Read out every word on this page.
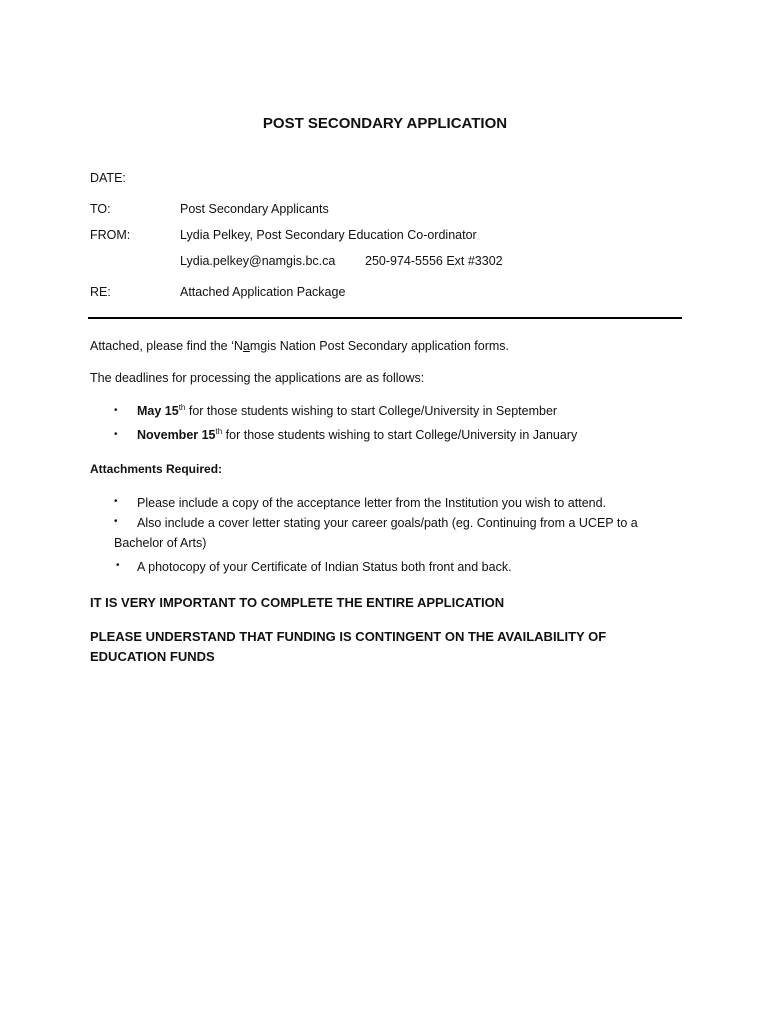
POST SECONDARY APPLICATION
DATE:
TO:	Post Secondary Applicants
FROM:	Lydia Pelkey, Post Secondary Education Co-ordinator
Lydia.pelkey@namgis.bc.ca 250-974-5556 Ext #3302
RE:	Attached Application Package
Attached, please find the ‘Namgis Nation Post Secondary application forms.
The deadlines for processing the applications are as follows:
• May 15th for those students wishing to start College/University in September
• November 15th for those students wishing to start College/University in January
Attachments Required:
• Please include a copy of the acceptance letter from the Institution you wish to attend.
• Also include a cover letter stating your career goals/path (eg. Continuing from a UCEP to a
Bachelor of Arts)
• A photocopy of your Certificate of Indian Status both front and back.
IT IS VERY IMPORTANT TO COMPLETE THE ENTIRE APPLICATION
PLEASE UNDERSTAND THAT FUNDING IS CONTINGENT ON THE AVAILABILITY OF EDUCATION FUNDS
